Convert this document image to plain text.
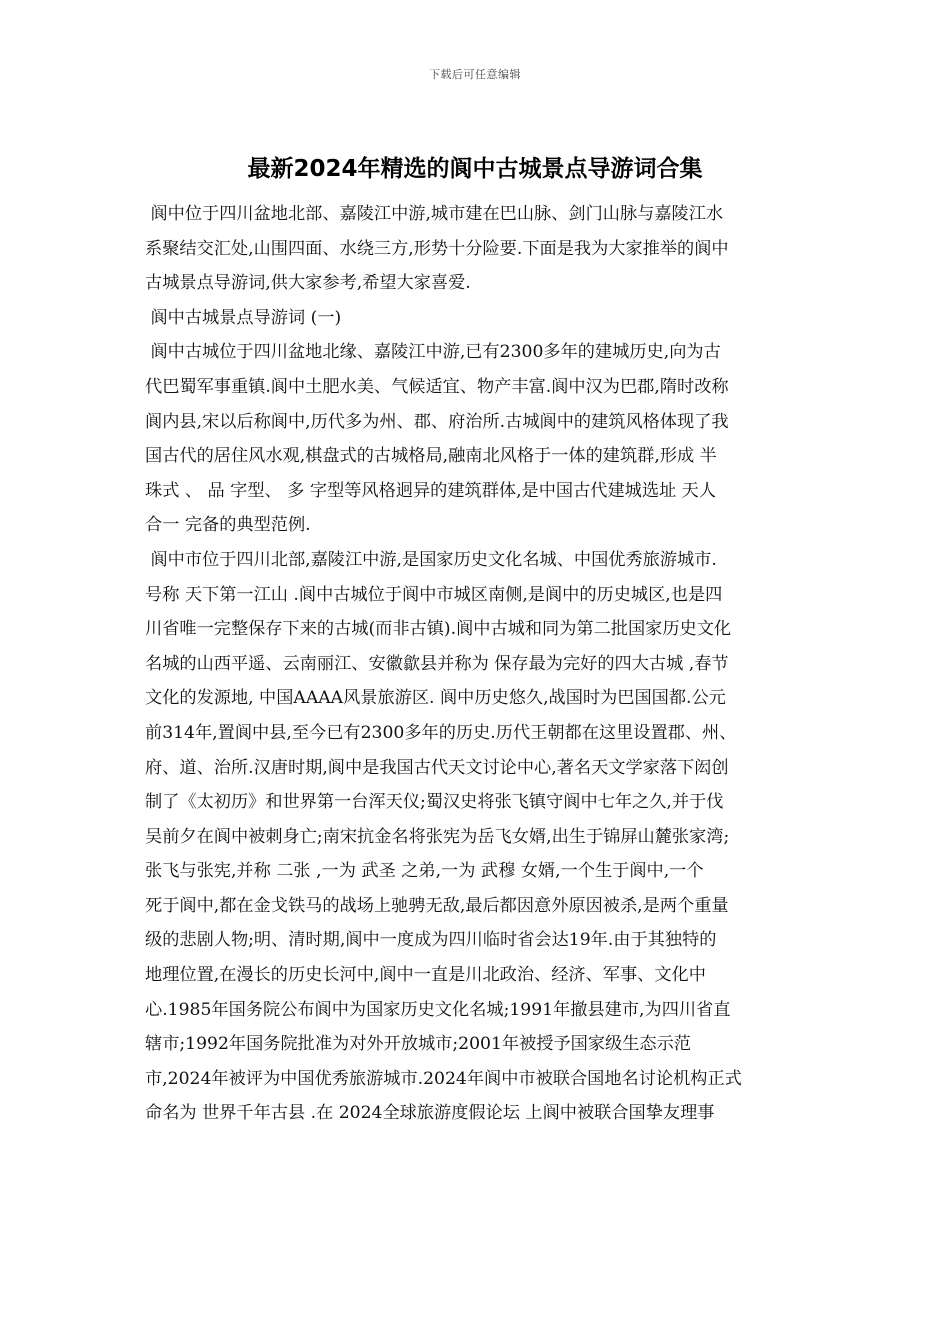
下载后可任意编辑
最新2024年精选的阆中古城景点导游词合集
阆中位于四川盆地北部、嘉陵江中游,城市建在巴山脉、剑门山脉与嘉陵江水
系聚结交汇处,山围四面、水绕三方,形势十分险要.下面是我为大家推举的阆中
古城景点导游词,供大家参考,希望大家喜爱.
阆中古城景点导游词 (一)
阆中古城位于四川盆地北缘、嘉陵江中游,已有2300多年的建城历史,向为古
代巴蜀军事重镇.阆中土肥水美、气候适宜、物产丰富.阆中汉为巴郡,隋时改称
阆内县,宋以后称阆中,历代多为州、郡、府治所.古城阆中的建筑风格体现了我
国古代的居住风水观,棋盘式的古城格局,融南北风格于一体的建筑群,形成 半
珠式 、 品 字型、 多 字型等风格迥异的建筑群体,是中国古代建城选址 天人
合一 完备的典型范例.
阆中市位于四川北部,嘉陵江中游,是国家历史文化名城、中国优秀旅游城市.
号称 天下第一江山 .阆中古城位于阆中市城区南侧,是阆中的历史城区,也是四
川省唯一完整保存下来的古城(而非古镇).阆中古城和同为第二批国家历史文化
名城的山西平遥、云南丽江、安徽歙县并称为 保存最为完好的四大古城 ,春节
文化的发源地, 中国AAAA风景旅游区. 阆中历史悠久,战国时为巴国国都.公元
前314年,置阆中县,至今已有2300多年的历史.历代王朝都在这里设置郡、州、
府、道、治所.汉唐时期,阆中是我国古代天文讨论中心,著名天文学家落下闳创
制了《太初历》和世界第一台浑天仪;蜀汉史将张飞镇守阆中七年之久,并于伐
吴前夕在阆中被刺身亡;南宋抗金名将张宪为岳飞女婿,出生于锦屏山麓张家湾;
张飞与张宪,并称 二张 ,一为 武圣 之弟,一为 武穆 女婿,一个生于阆中,一个
死于阆中,都在金戈铁马的战场上驰骋无敌,最后都因意外原因被杀,是两个重量
级的悲剧人物;明、清时期,阆中一度成为四川临时省会达19年.由于其独特的
地理位置,在漫长的历史长河中,阆中一直是川北政治、经济、军事、文化中
心.1985年国务院公布阆中为国家历史文化名城;1991年撤县建市,为四川省直
辖市;1992年国务院批准为对外开放城市;2001年被授予国家级生态示范
市,2024年被评为中国优秀旅游城市.2024年阆中市被联合国地名讨论机构正式
命名为 世界千年古县 .在 2024全球旅游度假论坛 上阆中被联合国挚友理事
